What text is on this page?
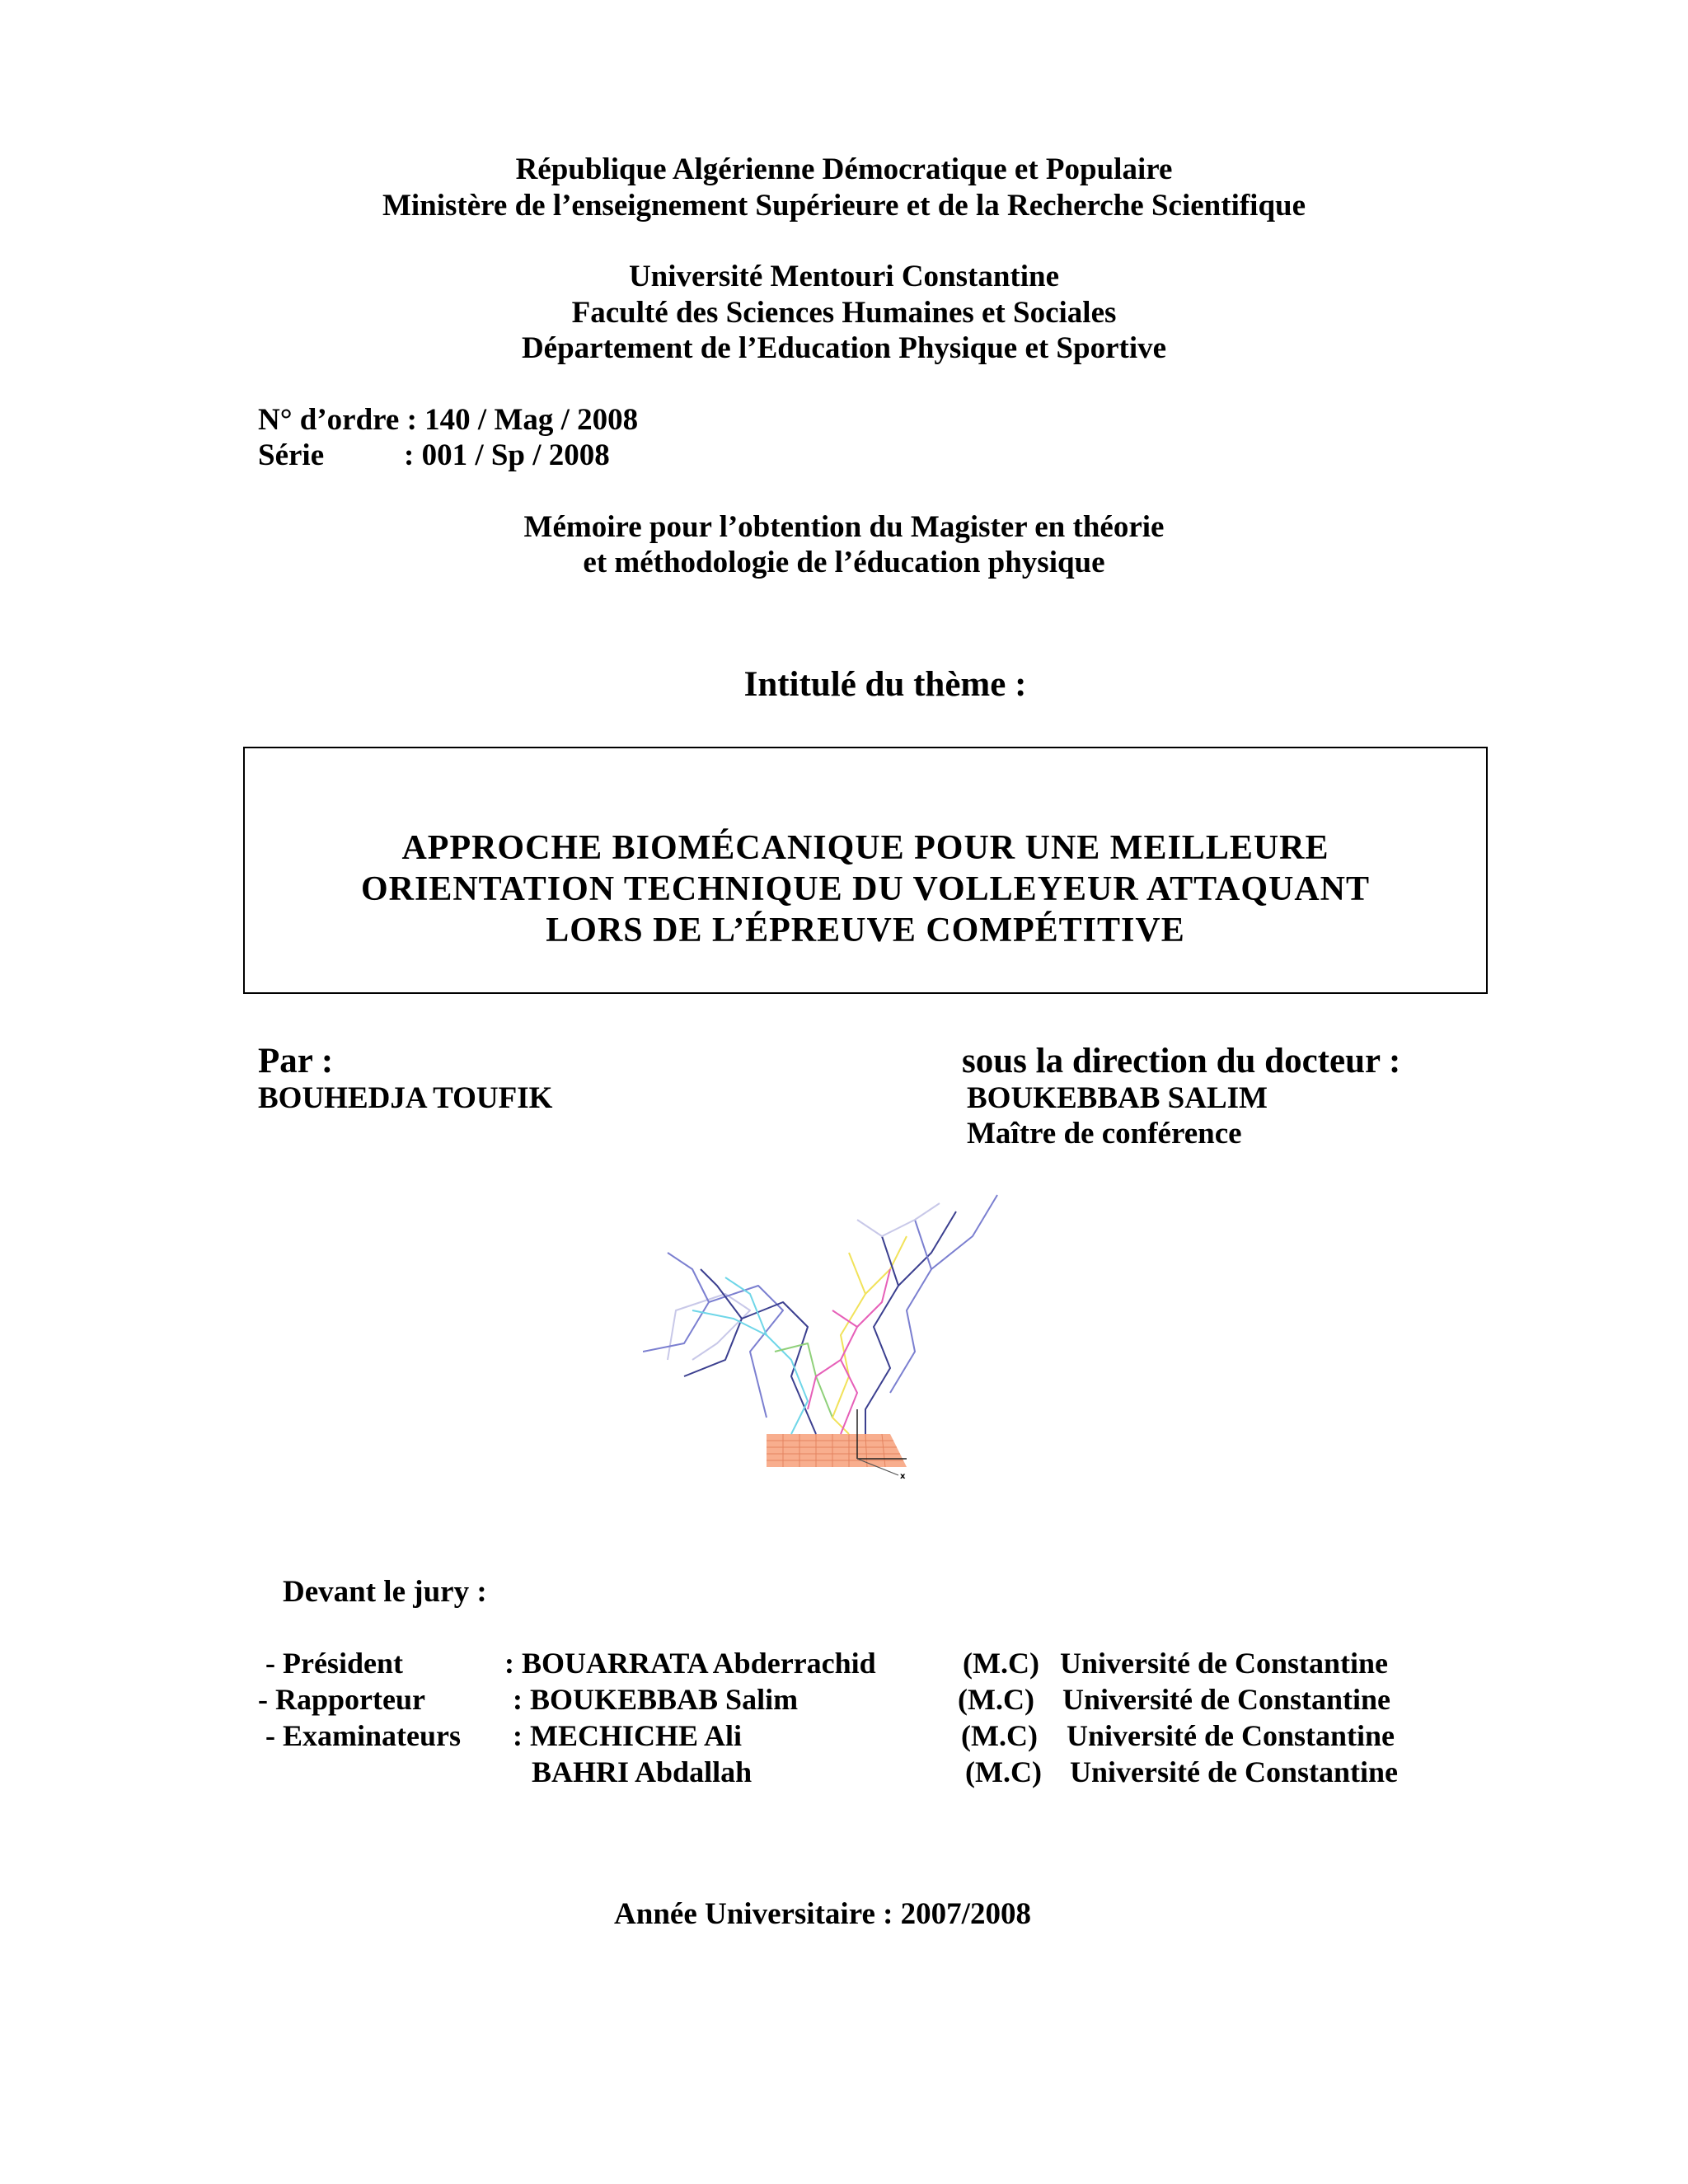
République Algérienne Démocratique et Populaire
Ministère de l’enseignement Supérieure et de la Recherche Scientifique
Université Mentouri Constantine
Faculté des Sciences Humaines et Sociales
Département de l’Education Physique et Sportive
N° d’ordre : 140 / Mag / 2008
Série	: 001 / Sp / 2008
Mémoire pour l’obtention du Magister en théorie
et méthodologie de l’éducation physique
Intitulé du thème :
APPROCHE BIOMÉCANIQUE POUR UNE MEILLEURE
ORIENTATION TECHNIQUE DU VOLLEYEUR ATTAQUANT
LORS DE L’ÉPREUVE COMPÉTITIVE
Par :
BOUHEDJA TOUFIK
sous la direction du docteur :
BOUKEBBAB SALIM
Maître de conférence
x
Devant le jury :
- Président	: BOUARRATA Abderrachid	(M.C) Université de Constantine
- Rapporteur	: BOUKEBBAB Salim	(M.C) Université de Constantine
- Examinateurs : MECHICHE Ali	(M.C) Université de Constantine
BAHRI Abdallah	(M.C) Université de Constantine
Année Universitaire : 2007/2008
